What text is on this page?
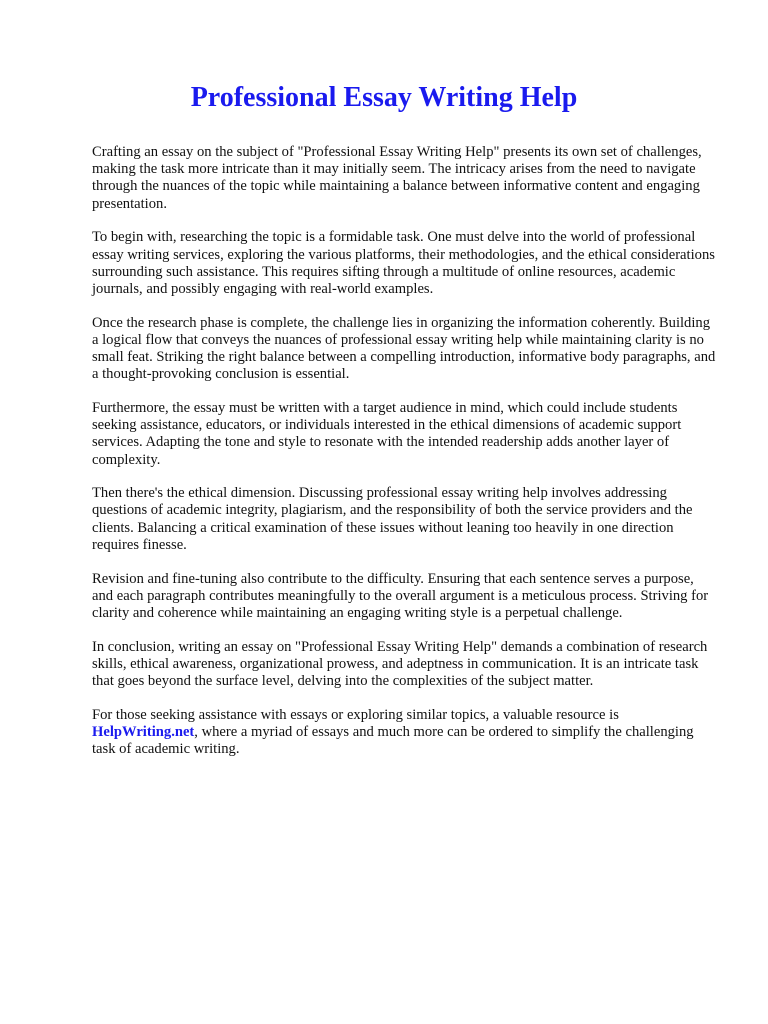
Professional Essay Writing Help

Crafting an essay on the subject of "Professional Essay Writing Help" presents its own set of challenges, making the task more intricate than it may initially seem. The intricacy arises from the need to navigate through the nuances of the topic while maintaining a balance between informative content and engaging presentation.

To begin with, researching the topic is a formidable task. One must delve into the world of professional essay writing services, exploring the various platforms, their methodologies, and the ethical considerations surrounding such assistance. This requires sifting through a multitude of online resources, academic journals, and possibly engaging with real-world examples.

Once the research phase is complete, the challenge lies in organizing the information coherently. Building a logical flow that conveys the nuances of professional essay writing help while maintaining clarity is no small feat. Striking the right balance between a compelling introduction, informative body paragraphs, and a thought-provoking conclusion is essential.

Furthermore, the essay must be written with a target audience in mind, which could include students seeking assistance, educators, or individuals interested in the ethical dimensions of academic support services. Adapting the tone and style to resonate with the intended readership adds another layer of complexity.

Then there's the ethical dimension. Discussing professional essay writing help involves addressing questions of academic integrity, plagiarism, and the responsibility of both the service providers and the clients. Balancing a critical examination of these issues without leaning too heavily in one direction requires finesse.

Revision and fine-tuning also contribute to the difficulty. Ensuring that each sentence serves a purpose, and each paragraph contributes meaningfully to the overall argument is a meticulous process. Striving for clarity and coherence while maintaining an engaging writing style is a perpetual challenge.

In conclusion, writing an essay on "Professional Essay Writing Help" demands a combination of research skills, ethical awareness, organizational prowess, and adeptness in communication. It is an intricate task that goes beyond the surface level, delving into the complexities of the subject matter.

For those seeking assistance with essays or exploring similar topics, a valuable resource is HelpWriting.net, where a myriad of essays and much more can be ordered to simplify the challenging task of academic writing.
